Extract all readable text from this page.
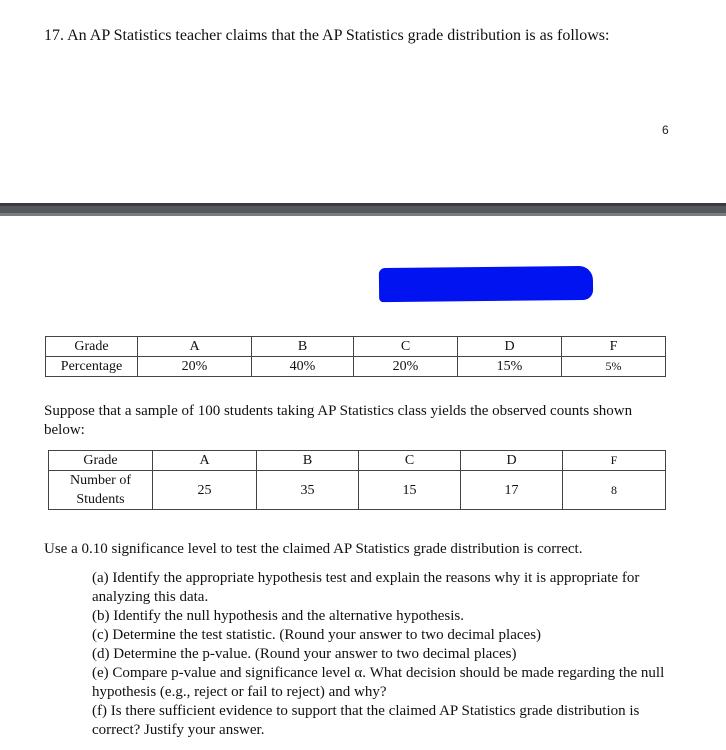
17. An AP Statistics teacher claims that the AP Statistics grade distribution is as follows:
6
Grade	A	B	C	D	F
Percentage	20%	40%	20%	15%	5%
Suppose that a sample of 100 students taking AP Statistics class yields the observed counts shown below:
Grade	A	B	C	D	F
Number of Students	25	35	15	17	8
Use a 0.10 significance level to test the claimed AP Statistics grade distribution is correct.
(a) Identify the appropriate hypothesis test and explain the reasons why it is appropriate for analyzing this data.
(b) Identify the null hypothesis and the alternative hypothesis.
(c) Determine the test statistic. (Round your answer to two decimal places)
(d) Determine the p-value. (Round your answer to two decimal places)
(e) Compare p-value and significance level α. What decision should be made regarding the null hypothesis (e.g., reject or fail to reject) and why?
(f) Is there sufficient evidence to support that the claimed AP Statistics grade distribution is correct? Justify your answer.
